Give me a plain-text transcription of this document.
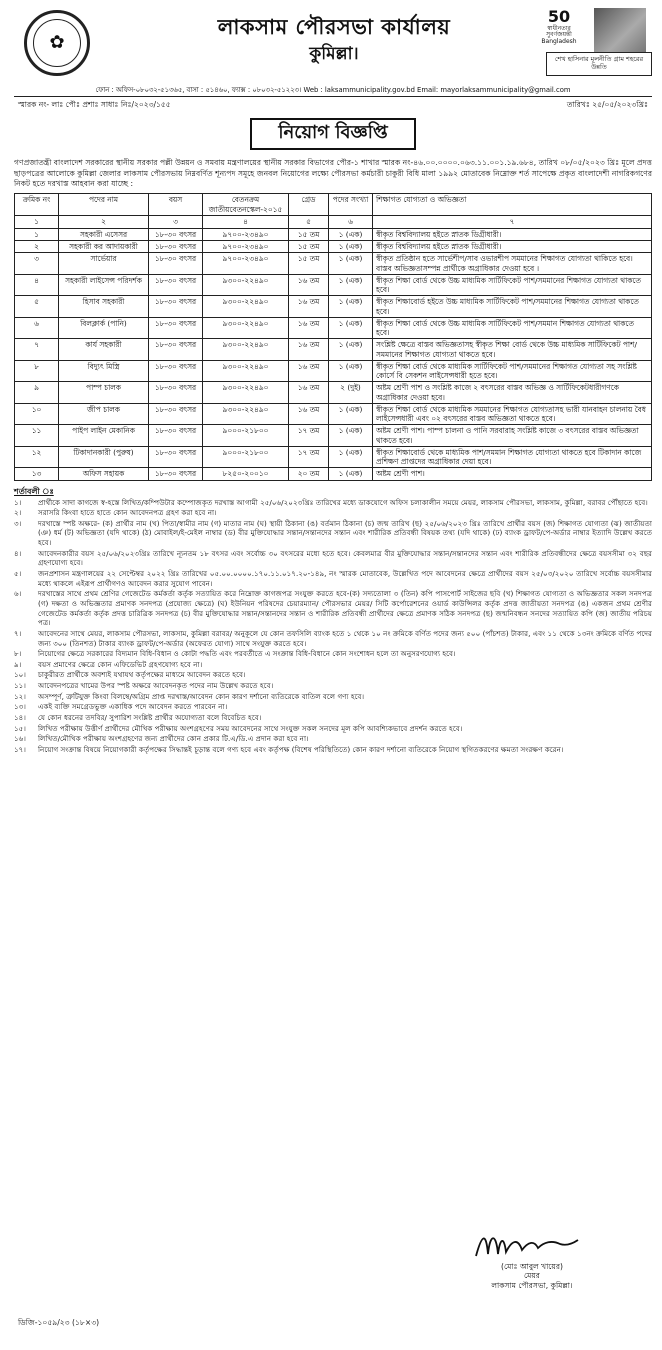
✿
লাকসাম পৌরসভা কার্যালয়
কুমিল্লা।
50
স্বাধীনতার সুবর্ণজয়ন্তী Bangladesh
শেখ হাসিনার মূলনীতি গ্রাম শহরের উন্নতি
ফোন : অফিস-০৮০৩২-৫১৩৬৫, বাসা : ৫১৪৬০, ফ্যাক্স : ০৮০৩২-৫১২২৩। Web : laksammunicipality.gov.bd Email: mayorlaksammunicipality@gmail.com
স্মারক নং- লাঃ পৌঃ প্রশাঃ সাধাঃ নিঃ/২০২৩/১৫৫	তারিখঃ ২৫/০৫/২০২৩খ্রিঃ
নিয়োগ বিজ্ঞপ্তি
গণপ্রজাতন্ত্রী বাংলাদেশ সরকারের স্থানীয় সরকার পল্লী উন্নয়ন ও সমবায় মন্ত্রণালয়ের স্থানীয় সরকার বিভাগের পৌর-১ শাখার স্মারক নং-৪৬.০০.০০০০.০৬৩.১১.০০১.১৯.৬৮৪, তারিখ ০৮/০৫/২০২৩ খ্রিঃ মূলে প্রদত্ত ছাড়পত্রের আলোকে কুমিল্লা জেলার লাকসাম পৌরসভায় নিম্নবর্ণিত শূন্যপদ সমূহে জনবল নিয়োগের লক্ষ্যে পৌরসভা কর্মচারী চাকুরী বিধি মালা ১৯৯২ মোতাবেক নিম্নোক্ত শর্ত সাপেক্ষে প্রকৃত বাংলাদেশী নাগরিকগণের নিকট হতে দরখাস্ত আহবান করা যাচ্ছে :
ক্রমিক নং	পদের নাম	বয়স	বেতনক্রম জাতীয়বেতনস্কেল-২০১৫	গ্রেড	পদের সংখ্যা	শিক্ষাগত যোগ্যতা ও অভিজ্ঞতা
১	২	৩	৪	৫	৬	৭
১	সহকারী এসেসর	১৮-৩০ বৎসর	৯৭০০-২৩৪৯০	১৫ তম	১ (এক)	স্বীকৃত বিশ্ববিদ্যালয় হইতে স্নাতক ডিগ্রীধারী।
২	সহকারী কর আদায়কারী	১৮-৩০ বৎসর	৯৭০০-২৩৪৯০	১৫ তম	১ (এক)	স্বীকৃত বিশ্ববিদ্যালয় হইতে স্নাতক ডিগ্রীধারী।
৩	সার্ভেয়ার	১৮-৩০ বৎসর	৯৭০০-২৩৪৯০	১৫ তম	১ (এক)	স্বীকৃত প্রতিষ্ঠান হতে সার্ভেশীপ/সাব ওভারশীপ সমমানের শিক্ষাগত যোগ্যতা থাকিতে হবে। বাস্তব অভিজ্ঞতাসম্পন্ন প্রার্থীকে অগ্রাধিকার দেওয়া হবে ।
৪	সহকারী লাইসেন্স পরিদর্শক	১৮-৩০ বৎসর	৯৩০০-২২৪৯০	১৬ তম	১ (এক)	স্বীকৃত শিক্ষা বোর্ড থেকে উচ্চ মাধ্যমিক সার্টিফিকেট পাশ/সমমানের শিক্ষাগত যোগ্যতা থাকতে হবে।
৫	হিসাব সহকারী	১৮-৩০ বৎসর	৯৩০০-২২৪৯০	১৬ তম	১ (এক)	স্বীকৃত শিক্ষাবোর্ড হইতে উচ্চ মাধ্যমিক সার্টিফিকেট পাশ/সমমানের শিক্ষাগত যোগ্যতা থাকতে হবে।
৬	বিলক্লার্ক (পানি)	১৮-৩০ বৎসর	৯৩০০-২২৪৯০	১৬ তম	১ (এক)	স্বীকৃত শিক্ষা বোর্ড থেকে উচ্চ মাধ্যমিক সার্টিফিকেট পাশ/সমমান শিক্ষাগত যোগ্যতা থাকতে হবে।
৭	কার্য সহকারী	১৮-৩০ বৎসর	৯৩০০-২২৪৯০	১৬ তম	১ (এক)	সংশ্লিষ্ট ক্ষেত্রে বাস্তব অভিজ্ঞতাসহ স্বীকৃত শিক্ষা বোর্ড থেকে উচ্চ মাধ্যমিক সার্টিফিকেট পাশ/সমমানের শিক্ষাগত যোগ্যতা থাকতে হবে।
৮	বিদ্যুৎ মিস্ত্রি	১৮-৩০ বৎসর	৯৩০০-২২৪৯০	১৬ তম	১ (এক)	স্বীকৃত শিক্ষা বোর্ড থেকে মাধ্যমিক সার্টিফিকেট পাশ/সমমানের শিক্ষাগত যোগ্যতা সহ সংশ্লিষ্ট কোর্সে বি সেকশন লাইসেন্সধারী হতে হবে।
৯	পাম্প চালক	১৮-৩০ বৎসর	৯৩০০-২২৪৯০	১৬ তম	২ (দুই)	অষ্টম শ্রেণী পাশ ও সংশ্লিষ্ট কাজে ২ বৎসরের বাস্তব অভিজ্ঞ ও সার্টিফিকেটধারীগণকে অগ্রাধিকার দেওয়া হবে।
১০	জীপ চালক	১৮-৩০ বৎসর	৯৩০০-২২৪৯০	১৬ তম	১ (এক)	স্বীকৃত শিক্ষা বোর্ড থেকে মাধ্যমিক সমমানের শিক্ষাগত যোগ্যতাসহ ভারী যানবাহন চালনায় বৈধ লাইসেন্সধারী এবং ০২ বৎসরের বাস্তব অভিজ্ঞতা থাকতে হবে।
১১	পাইপ লাইন মেকানিক	১৮-৩০ বৎসর	৯০০০-২১৮০০	১৭ তম	১ (এক)	অষ্টম শ্রেণী পাশ। পাম্প চালনা ও পানি সরবারাহ সংশ্লিষ্ট কাজে ৩ বৎসরের বাস্তব অভিজ্ঞতা থাকতে হবে।
১২	টিকাদানকারী (পুরুষ)	১৮-৩০ বৎসর	৯০০০-২১৮০০	১৭ তম	১ (এক)	স্বীকৃত শিক্ষাবোর্ড থেকে মাধ্যমিক পাশ/সমমান শিক্ষাগত যোগ্যতা থাকতে হবে টিকাদান কাজে প্রশিক্ষণ প্রাপ্তদের অগ্রাধিকার দেয়া হবে।
১৩	অফিস সহায়ক	১৮-৩০ বৎসর	৮২৫০-২০০১০	২০ তম	১ (এক)	অষ্টম শ্রেণী পাশ।
শর্তাবলী ঃ
১।	প্রার্থীকে সাদা কাগজে স্ব-হস্তে লিখিত/কম্পিউটার কম্পোজকৃত দরখাস্ত আগামী ২৫/০৬/২০২৩খ্রিঃ তারিখের মধ্যে ডাকযোগে অফিস চলাকালীন সময়ে মেয়র, লাকসাম পৌরসভা, লাকসাম, কুমিল্লা, বরাবর পৌঁছাতে হবে।
২।	সরাসরি কিংবা হাতে হাতে কোন আবেদনপত্র গ্রহণ করা হবে না।
৩।	দরখাস্তে স্পষ্ট অক্ষরে- (ক) প্রার্থীর নাম (খ) পিতা/স্বামীর নাম (গ) মাতার নাম (ঘ) স্থায়ী ঠিকানা (ঙ) বর্তমান ঠিকানা (চ) জন্ম তারিখ (ছ) ২৫/০৬/২০২৩ খ্রিঃ তারিখে প্রার্থীর বয়স (জ) শিক্ষাগত যোগ্যতা (ঝ) জাতীয়তা (ঞ) ধর্ম (ট) অভিজ্ঞতা (যদি থাকে) (ঠ) মোবাইল/ই-মেইল নাম্বার (ড) বীর মুক্তিযোদ্ধার সন্তান/সন্তানদের সন্তান এবং শারীরিক প্রতিবন্ধী বিষয়ক তথ্য (যদি থাকে) (ঢ) ব্যাংক ড্রাফট/পে-অর্ডার নাম্বার ইত্যাদি উল্লেখ করতে হবে।
৪।	আবেদনকারীর বয়স ২৫/০৬/২০২৩খ্রিঃ তারিখে ন্যূনতম ১৮ বৎসর এবং সর্বোচ্চ ৩০ বৎসরের মধ্যে হতে হবে। কেবলমাত্র বীর মুক্তিযোদ্ধার সন্তান/সন্তানদের সন্তান এবং শারীরিক প্রতিবন্ধীদের ক্ষেত্রে বয়সসীমা ৩২ বছর গ্রহণযোগ্য হবে।
৫।	জনপ্রশাসন মন্ত্রণালয়ের ২২ সেপ্টেম্বর ২০২২ খ্রিঃ তারিখের ০৫.০০.০০০০.১৭০.১১.০১৭.২০-১৪৯, নং স্মারক মোতাবেক, উল্লেখিত পদে আবেদনের ক্ষেত্রে প্রার্থীদের বয়স ২৫/০৩/২০২০ তারিখে সর্বোচ্চ বয়সসীমার মধ্যে থাকলে এইরূপ প্রার্থীগণও আবেদন করার সুযোগ পাবেন।
৬।	দরখাস্তের সাথে প্রথম শ্রেণির গেজেটেড কর্মকর্তা কর্তৃক সত্যায়িত করে নিম্নোক্ত কাগজপত্র সংযুক্ত করতে হবে-(ক) সদ্যতোলা ৩ (তিন) কপি পাসপোর্ট সাইজের ছবি (খ) শিক্ষাগত যোগ্যতা ও অভিজ্ঞতার সকল সনদপত্র (গ) দক্ষতা ও অভিজ্ঞতার প্রমাণক সনদপত্র (প্রযোজ্য ক্ষেত্রে) (ঘ) ইউনিয়ন পরিষদের চেয়ারম্যান/ পৌরসভার মেয়র/ সিটি কর্পোরেশনের ওয়ার্ড কাউন্সিলর কর্তৃক প্রদত্ত জাতীয়তা সনদপত্র (ঙ) একজন প্রথম শ্রেণীর গেজেটেড কর্মকর্তা কর্তৃক প্রদত্ত চারিত্রিক সনদপত্র (চ) বীর মুক্তিযোদ্ধার সন্তান/সন্তানদের সন্তান ও শারীরিক প্রতিবন্ধী প্রার্থীদের ক্ষেত্রে প্রমাণক সঠিক সনদপত্র (ছ) জন্মনিবন্ধন সনদের সত্যায়িত কপি (জ) জাতীয় পরিচয় পত্র।
৭।	আবেদনের সাথে মেয়র, লাকসাম পৌরসভা, লাকসাম, কুমিল্লা বরাবর/ অনুকূলে যে কোন তফসিলি ব্যাংক হতে ১ থেকে ১০ নং ক্রমিকে বর্ণিত পদের জন্য ৫০০ (পাঁচশত) টাকার, এবং ১১ থেকে ১৩নং ক্রমিকে বর্ণিত পদের জন্য ৩০০ (তিনশত) টাকার ব্যাংক ড্রাফট/পে-অর্ডার (অফেরত যোগ্য) সাথে সংযুক্ত করতে হবে।
৮।	নিয়োগের ক্ষেত্রে সরকারের বিদ্যমান বিধি-বিধান ও কোটা পদ্ধতি এবং পরবর্তীতে এ সংক্রান্ত বিধি-বিধানে কোন সংশোধন হলে তা অনুসরণযোগ্য হবে।
৯।	বয়স প্রমাণের ক্ষেত্রে কোন এফিডেভিট গ্রহণযোগ্য হবে না।
১০।	চাকুরীরত প্রার্থীকে অবশ্যই যথাযথ কর্তৃপক্ষের মাধ্যমে আবেদন করতে হবে।
১১।	আবেদনপত্রের খামের উপর স্পষ্ট অক্ষরে আবেদনকৃত পদের নাম উল্লেখ করতে হবে।
১২।	অসম্পূর্ণ, ত্রুটিযুক্ত কিংবা বিলম্বে/অগ্রিম প্রাপ্ত দরখাস্ত/আবেদন কোন কারণ দর্শানো ব্যতিরেকে বাতিল বলে গণ্য হবে।
১৩।	একই ব্যক্তি সমগ্রেডভুক্ত একাধিক পদে আবেদন করতে পারবেন না।
১৪।	যে কোন ধরনের তদবির/ সুপারিশ সংশ্লিষ্ট প্রার্থীর অযোগ্যতা বলে বিবেচিত হবে।
১৫।	লিখিত পরীক্ষায় উত্তীর্ণ প্রার্থীদের মৌখিক পরীক্ষায় অংশগ্রহণের সময় আবেদনের সাথে সংযুক্ত সকল সনদের মূল কপি আবশ্যিকভাবে প্রদর্শন করতে হবে।
১৬।	লিখিত/মৌখিক পরীক্ষায় অংশগ্রহণের জন্য প্রার্থীদের কোন প্রকার টি.এ/ডি.এ প্রদান করা হবে না।
১৭।	নিয়োগ সংক্রান্ত বিষয়ে নিয়োগকারী কর্তৃপক্ষের সিদ্ধান্তই চূড়ান্ত বলে গণ্য হবে এবং কর্তৃপক্ষ (বিশেষ পরিস্থিতিতে) কোন কারণ দর্শানো ব্যতিরেকে নিয়োগ স্থগিতকরণের ক্ষমতা সংরক্ষণ করেন।
(মোঃ আবুল খায়ের)
মেয়র
লাকসাম পৌরসভা, কুমিল্লা।
ডিজি-১০৫৯/২৩ (১৮×৩)
